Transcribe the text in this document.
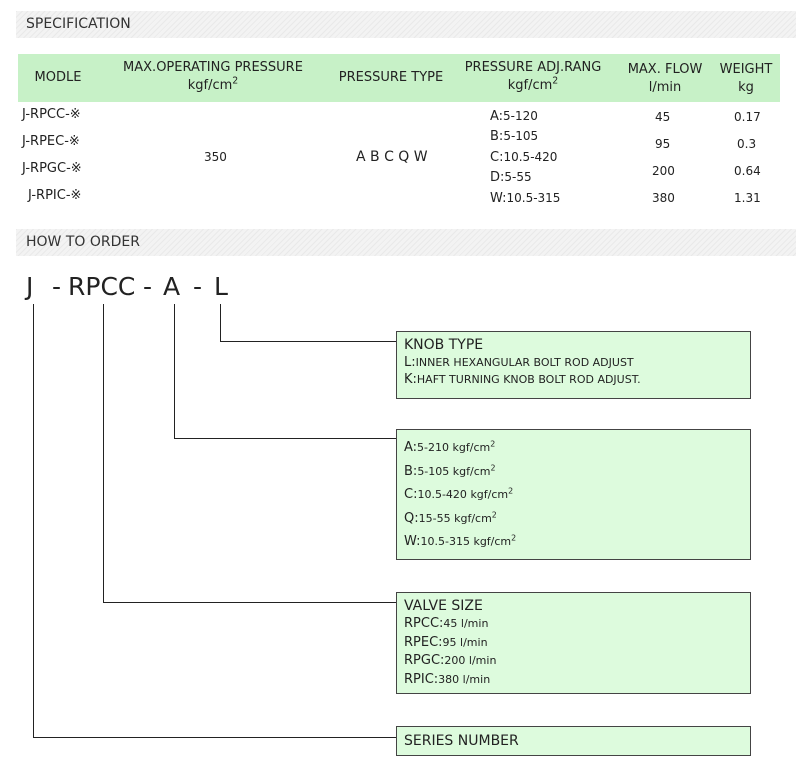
SPECIFICATION
MODLE
MAX.OPERATING PRESSURE
kgf/$cm^2$	PRESSURE TYPE
PRESSURE ADJ.RANG
kgf/$cm^2$
MAX. FLOW
l/min
WEIGHT
kg
J-RPCC-※
J-RPEC-※
J-RPGC-※
J-RPIC-※
350	A B C Q W
A:5-120
B:5-105
C:10.5-420
D:5-55
W:10.5-315
45
95
200
380
0.17
0.3
0.64
1.31
HOW TO ORDER
J - RPCC - A - L
KNOB TYPE
L:INNER HEXANGULAR BOLT ROD ADJUST
K:HAFT TURNING KNOB BOLT ROD ADJUST.
A:5-210 kgf/$cm^2$
B:5-105 kgf/$cm^2$
C:10.5-420 kgf/$cm^2$
Q:15-55 kgf/$cm^2$
W:10.5-315 kgf/$cm^2$
VALVE SIZE
RPCC:45 l/min
RPEC:95 l/min
RPGC:200 l/min
RPIC:380 l/min
SERIES NUMBER
